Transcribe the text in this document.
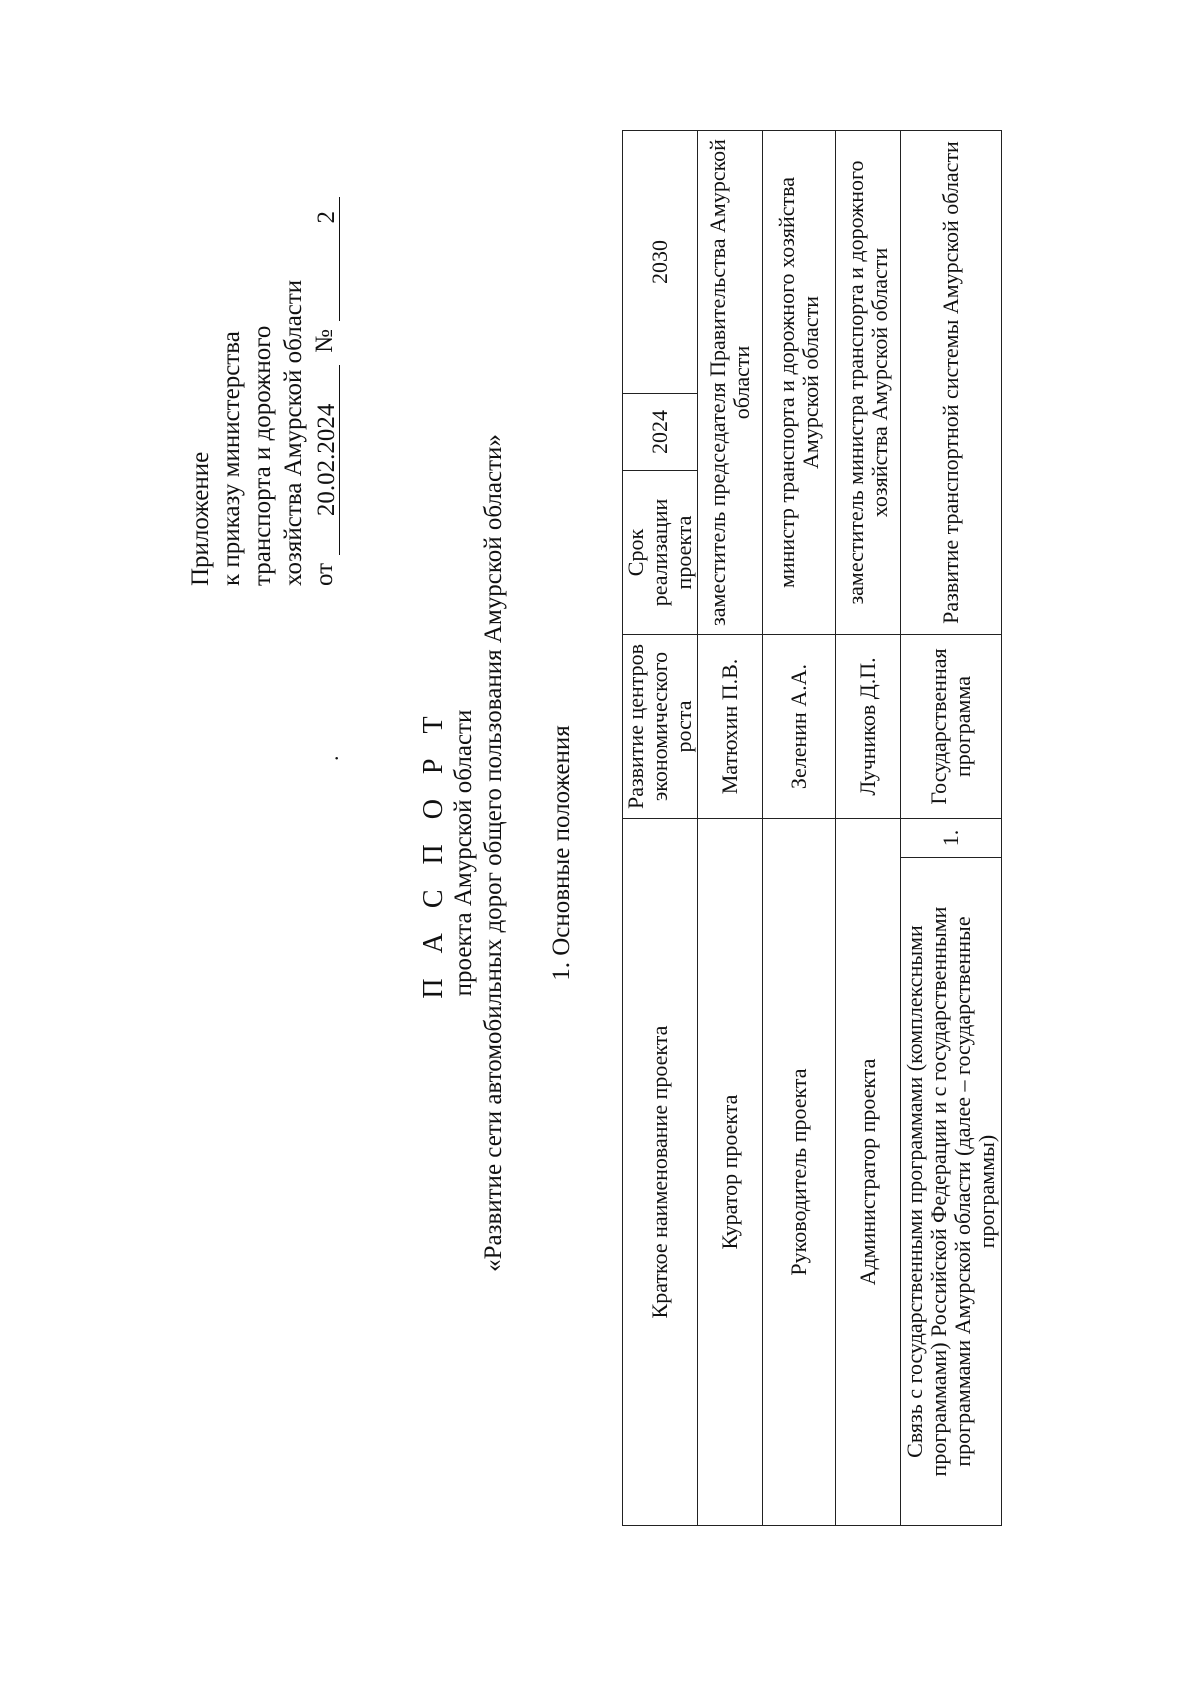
Приложение к приказу министерства транспорта и дорожного хозяйства Амурской области от
20.02.2024
№
2
.	П А С П О Р Т проекта Амурской области «Развитие сети автомобильных дорог общего пользования Амурской области» 1. Основные положения
Краткое наименование проекта		Развитие центров экономического роста	Срок реализации проекта	2024	2030
Куратор проекта		Матюхин П.В.	заместитель председателя Правительства Амурской области		
Руководитель проекта		Зеленин А.А.	министр транспорта и дорожного хозяйства Амурской области		
Администратор проекта		Лучников Д.П.	заместитель министра транспорта и дорожного хозяйства Амурской области		
Связь с государственными программами (комплексными программами) Российской Федерации и с государственными программами Амурской области (далее – государственные программы)	1.	Государственная программа	Развитие транспортной системы Амурской области		
